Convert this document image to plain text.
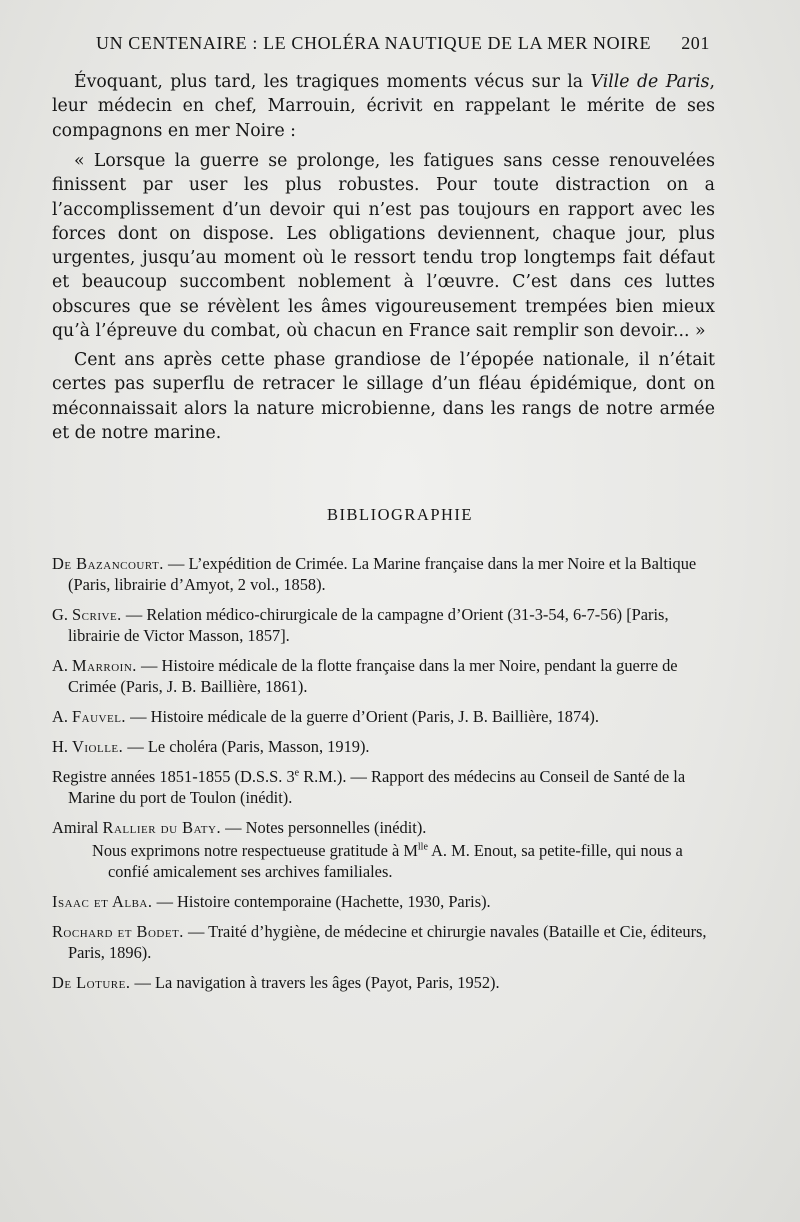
UN CENTENAIRE : LE CHOLÉRA NAUTIQUE DE LA MER NOIRE 201

Évoquant, plus tard, les tragiques moments vécus sur la Ville de Paris, leur médecin en chef, Marrouin, écrivit en rappelant le mérite de ses compagnons en mer Noire :

« Lorsque la guerre se prolonge, les fatigues sans cesse renouvelées finissent par user les plus robustes. Pour toute distraction on a l’accomplissement d’un devoir qui n’est pas toujours en rapport avec les forces dont on dispose. Les obligations deviennent, chaque jour, plus urgentes, jusqu’au moment où le ressort tendu trop longtemps fait défaut et beaucoup succombent noblement à l’œuvre. C’est dans ces luttes obscures que se révèlent les âmes vigoureusement trempées bien mieux qu’à l’épreuve du combat, où chacun en France sait remplir son devoir... »

Cent ans après cette phase grandiose de l’épopée nationale, il n’était certes pas superflu de retracer le sillage d’un fléau épidémique, dont on méconnaissait alors la nature microbienne, dans les rangs de notre armée et de notre marine.

BIBLIOGRAPHIE
De Bazancourt. — L’expédition de Crimée. La Marine française dans la mer Noire et la Baltique (Paris, librairie d’Amyot, 2 vol., 1858).
G. Scrive. — Relation médico-chirurgicale de la campagne d’Orient (31-3-54, 6-7-56) [Paris, librairie de Victor Masson, 1857].
A. Marroin. — Histoire médicale de la flotte française dans la mer Noire, pendant la guerre de Crimée (Paris, J. B. Baillière, 1861).
A. Fauvel. — Histoire médicale de la guerre d’Orient (Paris, J. B. Baillière, 1874).
H. Violle. — Le choléra (Paris, Masson, 1919).
Registre années 1851-1855 (D.S.S. 3e R.M.). — Rapport des médecins au Conseil de Santé de la Marine du port de Toulon (inédit).
Amiral Rallier du Baty. — Notes personnelles (inédit).
Nous exprimons notre respectueuse gratitude à $M^{lle}$ A. M. Enout, sa petite-fille, qui nous a confié amicalement ses archives familiales.
Isaac et Alba. — Histoire contemporaine (Hachette, 1930, Paris).
Rochard et Bodet. — Traité d’hygiène, de médecine et chirurgie navales (Bataille et Cie, éditeurs, Paris, 1896).
De Loture. — La navigation à travers les âges (Payot, Paris, 1952).
